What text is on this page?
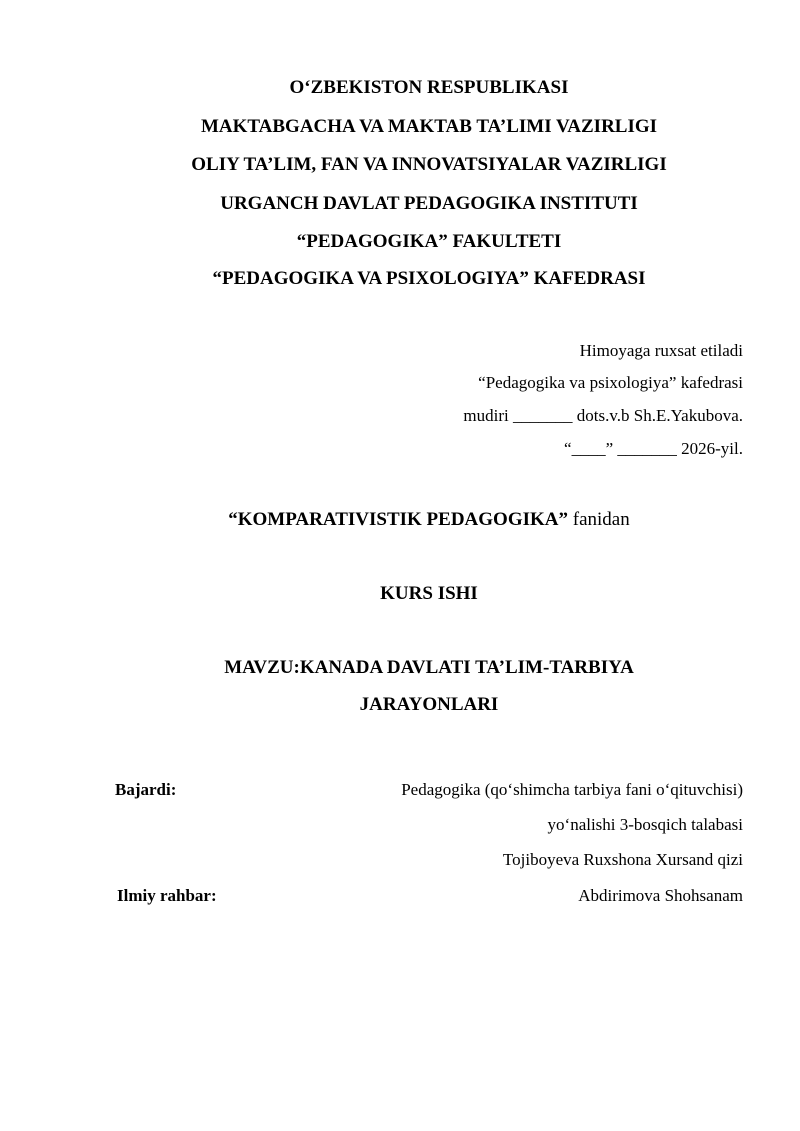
O‘ZBEKISTON RESPUBLIKASI
MAKTABGACHA VA MAKTAB TA’LIMI VAZIRLIGI
OLIY TA’LIM, FAN VA INNOVATSIYALAR VAZIRLIGI
URGANCH DAVLAT PEDAGOGIKA INSTITUTI
“PEDAGOGIKA” FAKULTETI
“PEDAGOGIKA VA PSIXOLOGIYA” KAFEDRASI
Himoyaga ruxsat etiladi
“Pedagogika va psixologiya” kafedrasi
mudiri _______ dots.v.b Sh.E.Yakubova.
“____” _______ 2026-yil.
“KOMPARATIVISTIK PEDAGOGIKA” fanidan
KURS ISHI
MAVZU:KANADA DAVLATI TA’LIM-TARBIYA
JARAYONLARI
Bajardi:	Pedagogika (qo‘shimcha tarbiya fani o‘qituvchisi)
yo‘nalishi 3-bosqich talabasi
Tojiboyeva Ruxshona Xursand qizi
Ilmiy rahbar:	Abdirimova Shohsanam
